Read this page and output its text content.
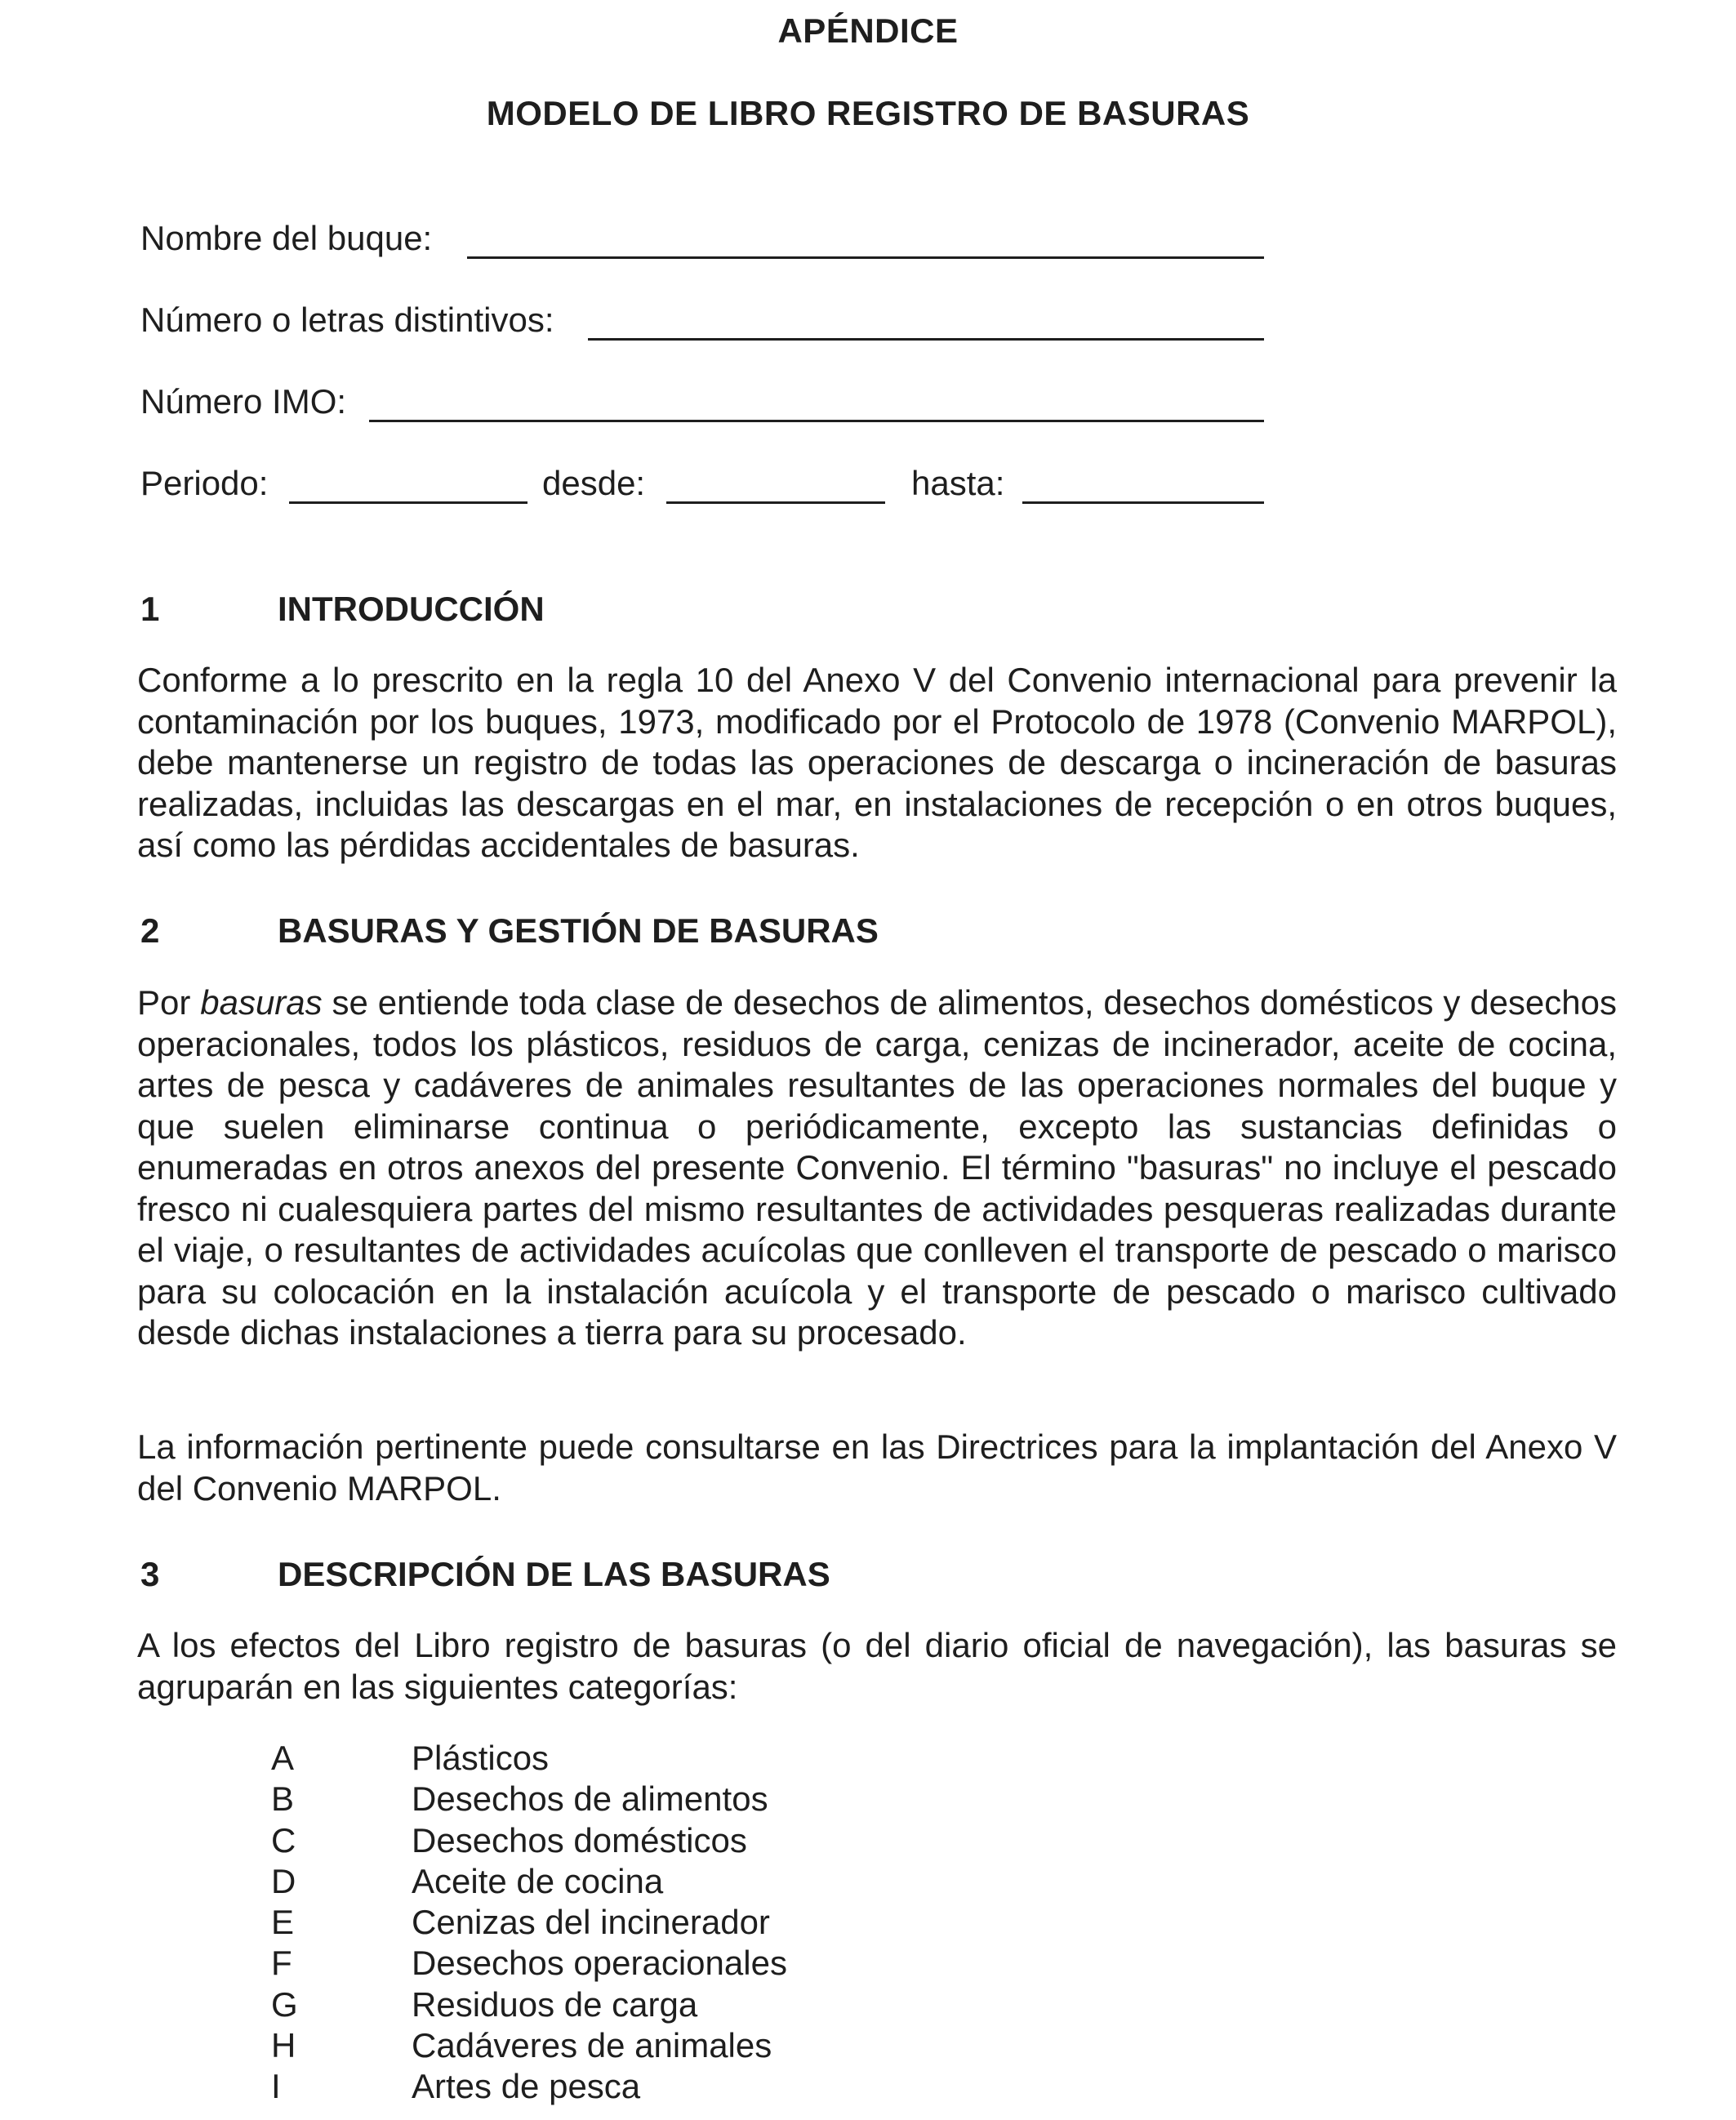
APÉNDICE
MODELO DE LIBRO REGISTRO DE BASURAS
Nombre del buque:
Número o letras distintivos:
Número IMO:
Periodo:	desde:	hasta:
1	INTRODUCCIÓN
Conforme a lo prescrito en la regla 10 del Anexo V del Convenio internacional para prevenir la contaminación por los buques, 1973, modificado por el Protocolo de 1978 (Convenio MARPOL), debe mantenerse un registro de todas las operaciones de descarga o incineración de basuras realizadas, incluidas las descargas en el mar, en instalaciones de recepción o en otros buques, así como las pérdidas accidentales de basuras.
2	BASURAS Y GESTIÓN DE BASURAS
Por basuras se entiende toda clase de desechos de alimentos, desechos domésticos y desechos operacionales, todos los plásticos, residuos de carga, cenizas de incinerador, aceite de cocina, artes de pesca y cadáveres de animales resultantes de las operaciones normales del buque y que suelen eliminarse continua o periódicamente, excepto las sustancias definidas o enumeradas en otros anexos del presente Convenio. El término "basuras" no incluye el pescado fresco ni cualesquiera partes del mismo resultantes de actividades pesqueras realizadas durante el viaje, o resultantes de actividades acuícolas que conlleven el transporte de pescado o marisco para su colocación en la instalación acuícola y el transporte de pescado o marisco cultivado desde dichas instalaciones a tierra para su procesado.
La información pertinente puede consultarse en las Directrices para la implantación del Anexo V del Convenio MARPOL.
3	DESCRIPCIÓN DE LAS BASURAS
A los efectos del Libro registro de basuras (o del diario oficial de navegación), las basuras se agruparán en las siguientes categorías:
A	Plásticos
B	Desechos de alimentos
C	Desechos domésticos
D	Aceite de cocina
E	Cenizas del incinerador
F	Desechos operacionales
G	Residuos de carga
H	Cadáveres de animales
I	Artes de pesca
